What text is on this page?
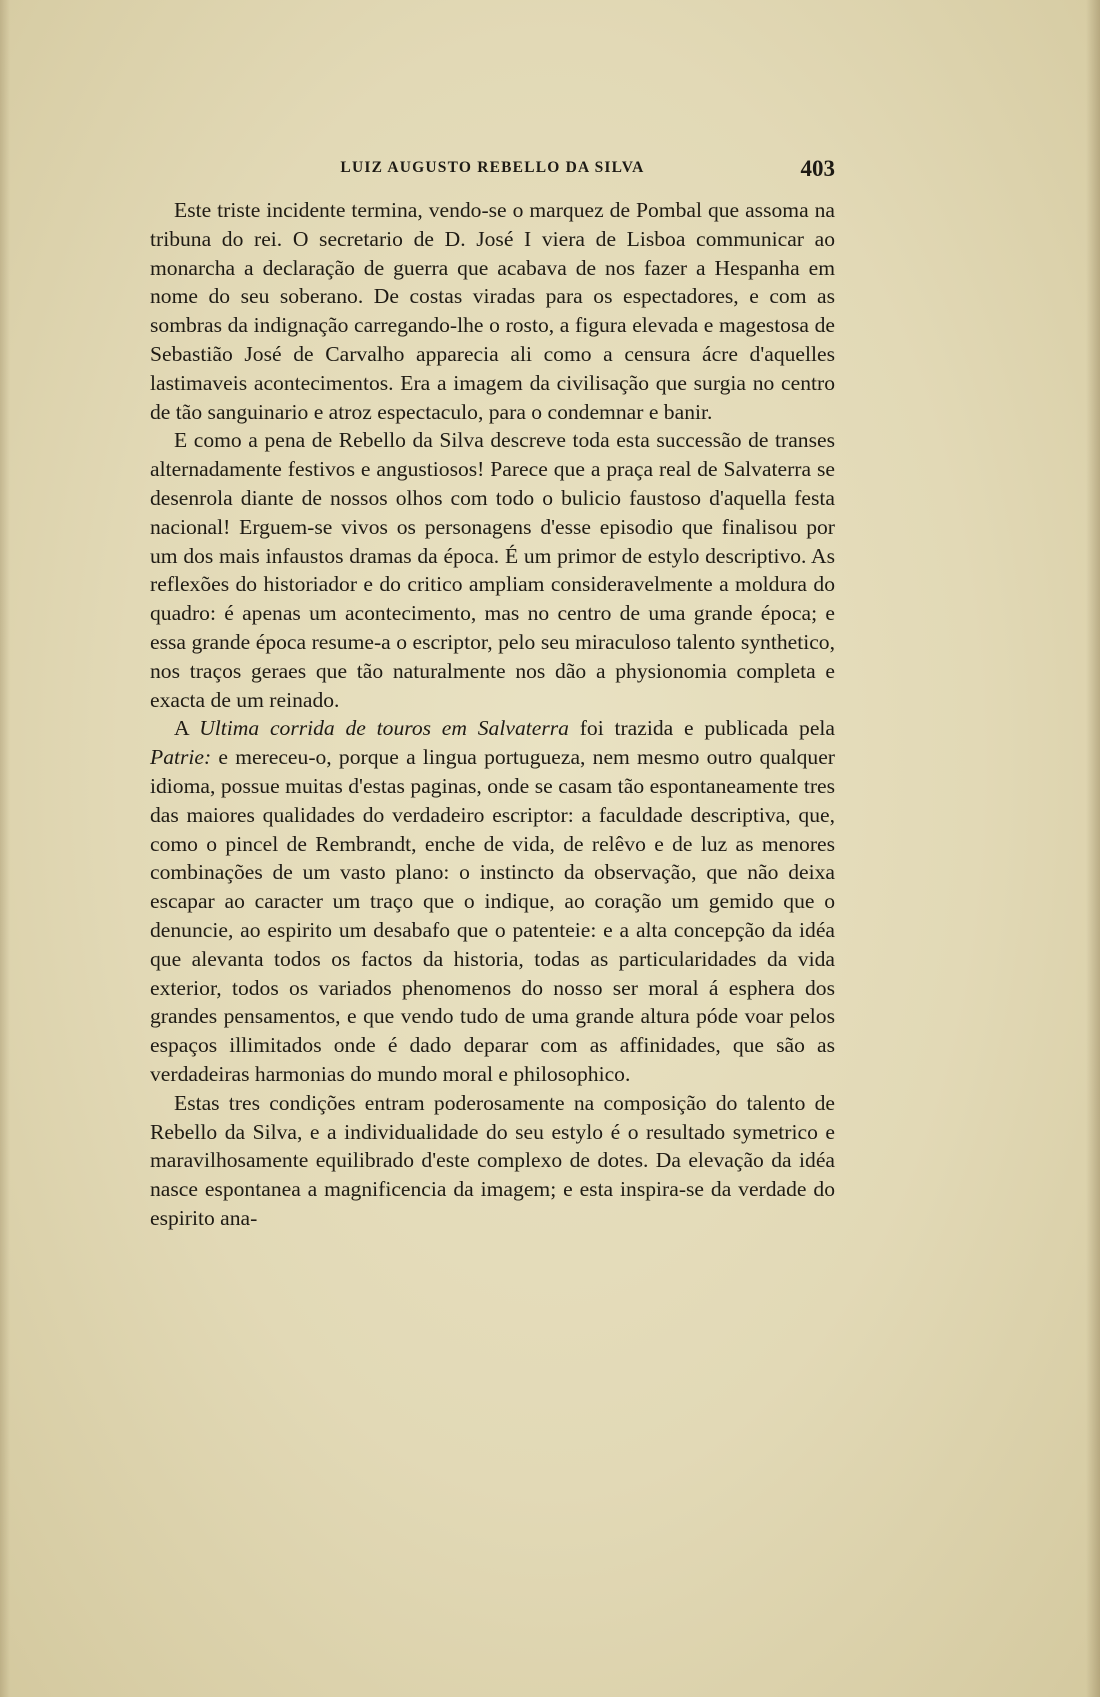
LUIZ AUGUSTO REBELLO DA SILVA	403

Este triste incidente termina, vendo-se o marquez de Pombal que assoma na tribuna do rei. O secretario de D. José I viera de Lisboa communicar ao monarcha a declaração de guerra que acabava de nos fazer a Hespanha em nome do seu soberano. De costas viradas para os espectadores, e com as sombras da indignação carregando-lhe o rosto, a figura elevada e magestosa de Sebastião José de Carvalho apparecia ali como a censura ácre d'aquelles lastimaveis acontecimentos. Era a imagem da civilisação que surgia no centro de tão sanguinario e atroz espectaculo, para o condemnar e banir.

E como a pena de Rebello da Silva descreve toda esta successão de transes alternadamente festivos e angustiosos! Parece que a praça real de Salvaterra se desenrola diante de nossos olhos com todo o bulicio faustoso d'aquella festa nacional! Erguem-se vivos os personagens d'esse episodio que finalisou por um dos mais infaustos dramas da época. É um primor de estylo descriptivo. As reflexões do historiador e do critico ampliam consideravelmente a moldura do quadro: é apenas um acontecimento, mas no centro de uma grande época; e essa grande época resume-a o escriptor, pelo seu miraculoso talento synthetico, nos traços geraes que tão naturalmente nos dão a physionomia completa e exacta de um reinado.

A Ultima corrida de touros em Salvaterra foi trazida e publicada pela Patrie: e mereceu-o, porque a lingua portugueza, nem mesmo outro qualquer idioma, possue muitas d'estas paginas, onde se casam tão espontaneamente tres das maiores qualidades do verdadeiro escriptor: a faculdade descriptiva, que, como o pincel de Rembrandt, enche de vida, de relêvo e de luz as menores combinações de um vasto plano: o instincto da observação, que não deixa escapar ao caracter um traço que o indique, ao coração um gemido que o denuncie, ao espirito um desabafo que o patenteie: e a alta concepção da idéa que alevanta todos os factos da historia, todas as particularidades da vida exterior, todos os variados phenomenos do nosso ser moral á esphera dos grandes pensamentos, e que vendo tudo de uma grande altura póde voar pelos espaços illimitados onde é dado deparar com as affinidades, que são as verdadeiras harmonias do mundo moral e philosophico.

Estas tres condições entram poderosamente na composição do talento de Rebello da Silva, e a individualidade do seu estylo é o resultado symetrico e maravilhosamente equilibrado d'este complexo de dotes. Da elevação da idéa nasce espontanea a magnificencia da imagem; e esta inspira-se da verdade do espirito ana-
